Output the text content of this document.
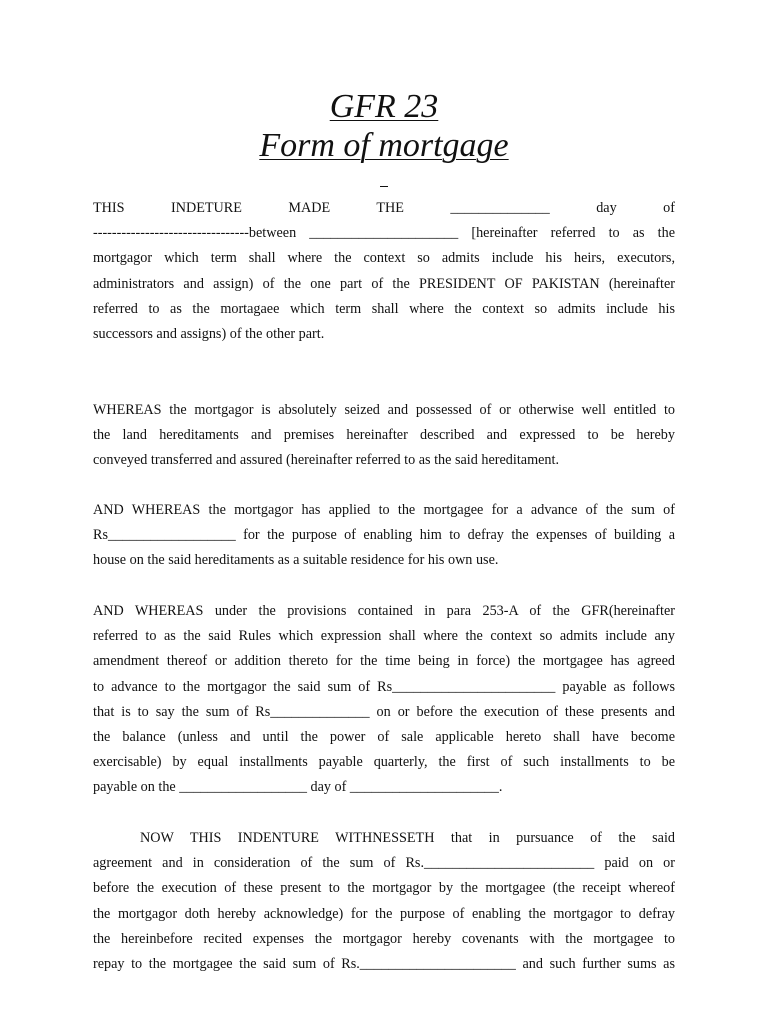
GFR 23
Form of mortgage
THIS INDETURE MADE THE ______________ day of
---------------------------------between _____________________ [hereinafter referred to as the
mortgagor which term shall where the context so admits include his heirs, executors,
administrators and assign) of the one part of the PRESIDENT OF PAKISTAN (hereinafter
referred to as the mortagaee which term shall where the context so admits include his
successors and assigns) of the other part.
WHEREAS the mortgagor is absolutely seized and possessed of or otherwise well entitled to
the land hereditaments and premises hereinafter described and expressed to be hereby
conveyed transferred and assured (hereinafter referred to as the said hereditament.
AND WHEREAS the mortgagor has applied to the mortgagee for a advance of the sum of
Rs__________________ for the purpose of enabling him to defray the expenses of building a
house on the said hereditaments as a suitable residence for his own use.
AND WHEREAS under the provisions contained in para 253-A of the GFR(hereinafter
referred to as the said Rules which expression shall where the context so admits include any
amendment thereof or addition thereto for the time being in force) the mortgagee has agreed
to advance to the mortgagor the said sum of Rs_______________________ payable as follows
that is to say the sum of Rs______________ on or before the execution of these presents and
the balance (unless and until the power of sale applicable hereto shall have become
exercisable) by equal installments payable quarterly, the first of such installments to be
payable on the __________________ day of _____________________.
NOW THIS INDENTURE WITHNESSETH that in pursuance of the said
agreement and in consideration of the sum of Rs.________________________ paid on or
before the execution of these present to the mortgagor by the mortgagee (the receipt whereof
the mortgagor doth hereby acknowledge) for the purpose of enabling the mortgagor to defray
the hereinbefore recited expenses the mortgagor hereby covenants with the mortgagee to
repay to the mortgagee the said sum of Rs.______________________ and such further sums as
